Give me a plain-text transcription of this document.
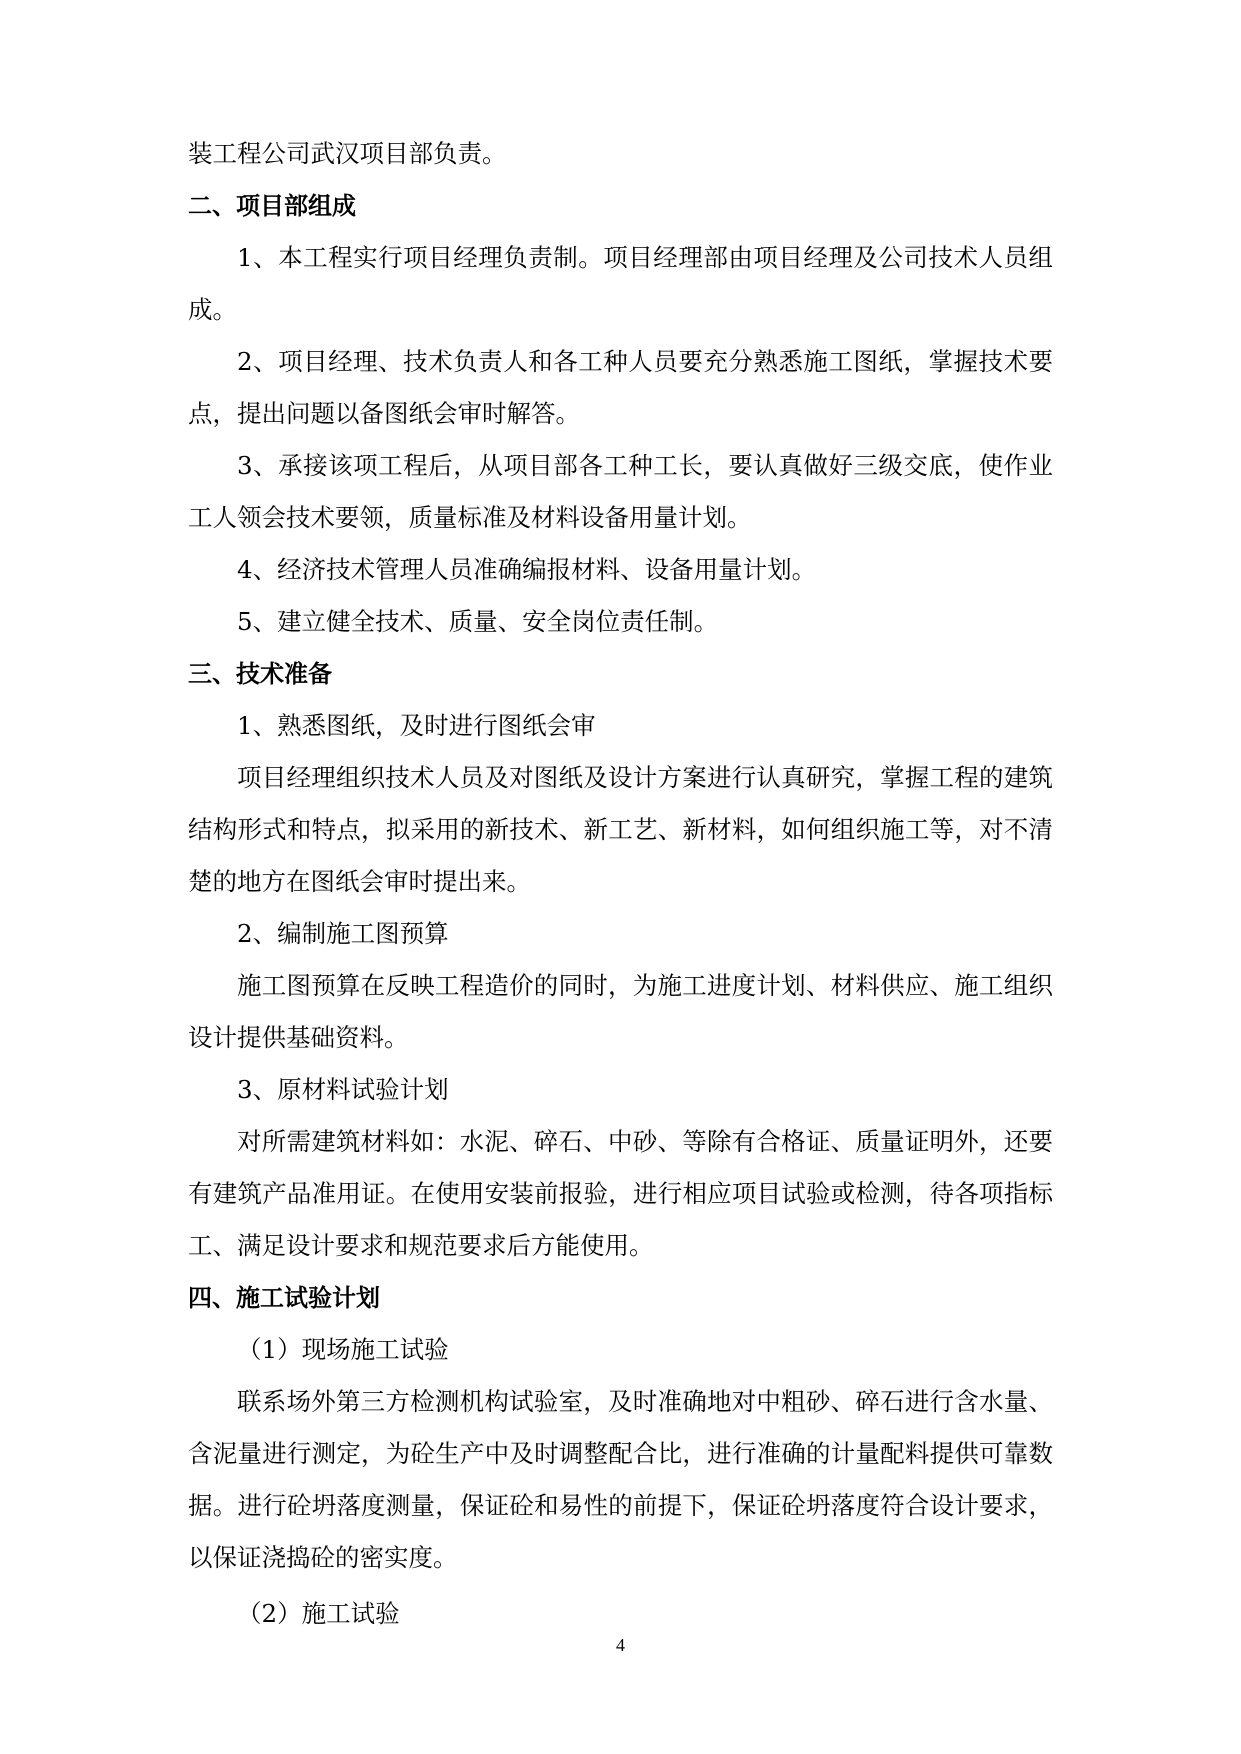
装工程公司武汉项目部负责。

二、项目部组成

1、本工程实行项目经理负责制。项目经理部由项目经理及公司技术人员组成。

2、项目经理、技术负责人和各工种人员要充分熟悉施工图纸，掌握技术要点，提出问题以备图纸会审时解答。

3、承接该项工程后，从项目部各工种工长，要认真做好三级交底，使作业工人领会技术要领，质量标准及材料设备用量计划。

4、经济技术管理人员准确编报材料、设备用量计划。

5、建立健全技术、质量、安全岗位责任制。

三、技术准备

1、熟悉图纸，及时进行图纸会审

项目经理组织技术人员及对图纸及设计方案进行认真研究，掌握工程的建筑结构形式和特点，拟采用的新技术、新工艺、新材料，如何组织施工等，对不清楚的地方在图纸会审时提出来。

2、编制施工图预算

施工图预算在反映工程造价的同时，为施工进度计划、材料供应、施工组织设计提供基础资料。

3、原材料试验计划

对所需建筑材料如：水泥、碎石、中砂、等除有合格证、质量证明外，还要有建筑产品准用证。在使用安装前报验，进行相应项目试验或检测，待各项指标工、满足设计要求和规范要求后方能使用。

四、施工试验计划

（1）现场施工试验

联系场外第三方检测机构试验室，及时准确地对中粗砂、碎石进行含水量、含泥量进行测定，为砼生产中及时调整配合比，进行准确的计量配料提供可靠数据。进行砼坍落度测量，保证砼和易性的前提下，保证砼坍落度符合设计要求，以保证浇捣砼的密实度。

（2）施工试验

4
